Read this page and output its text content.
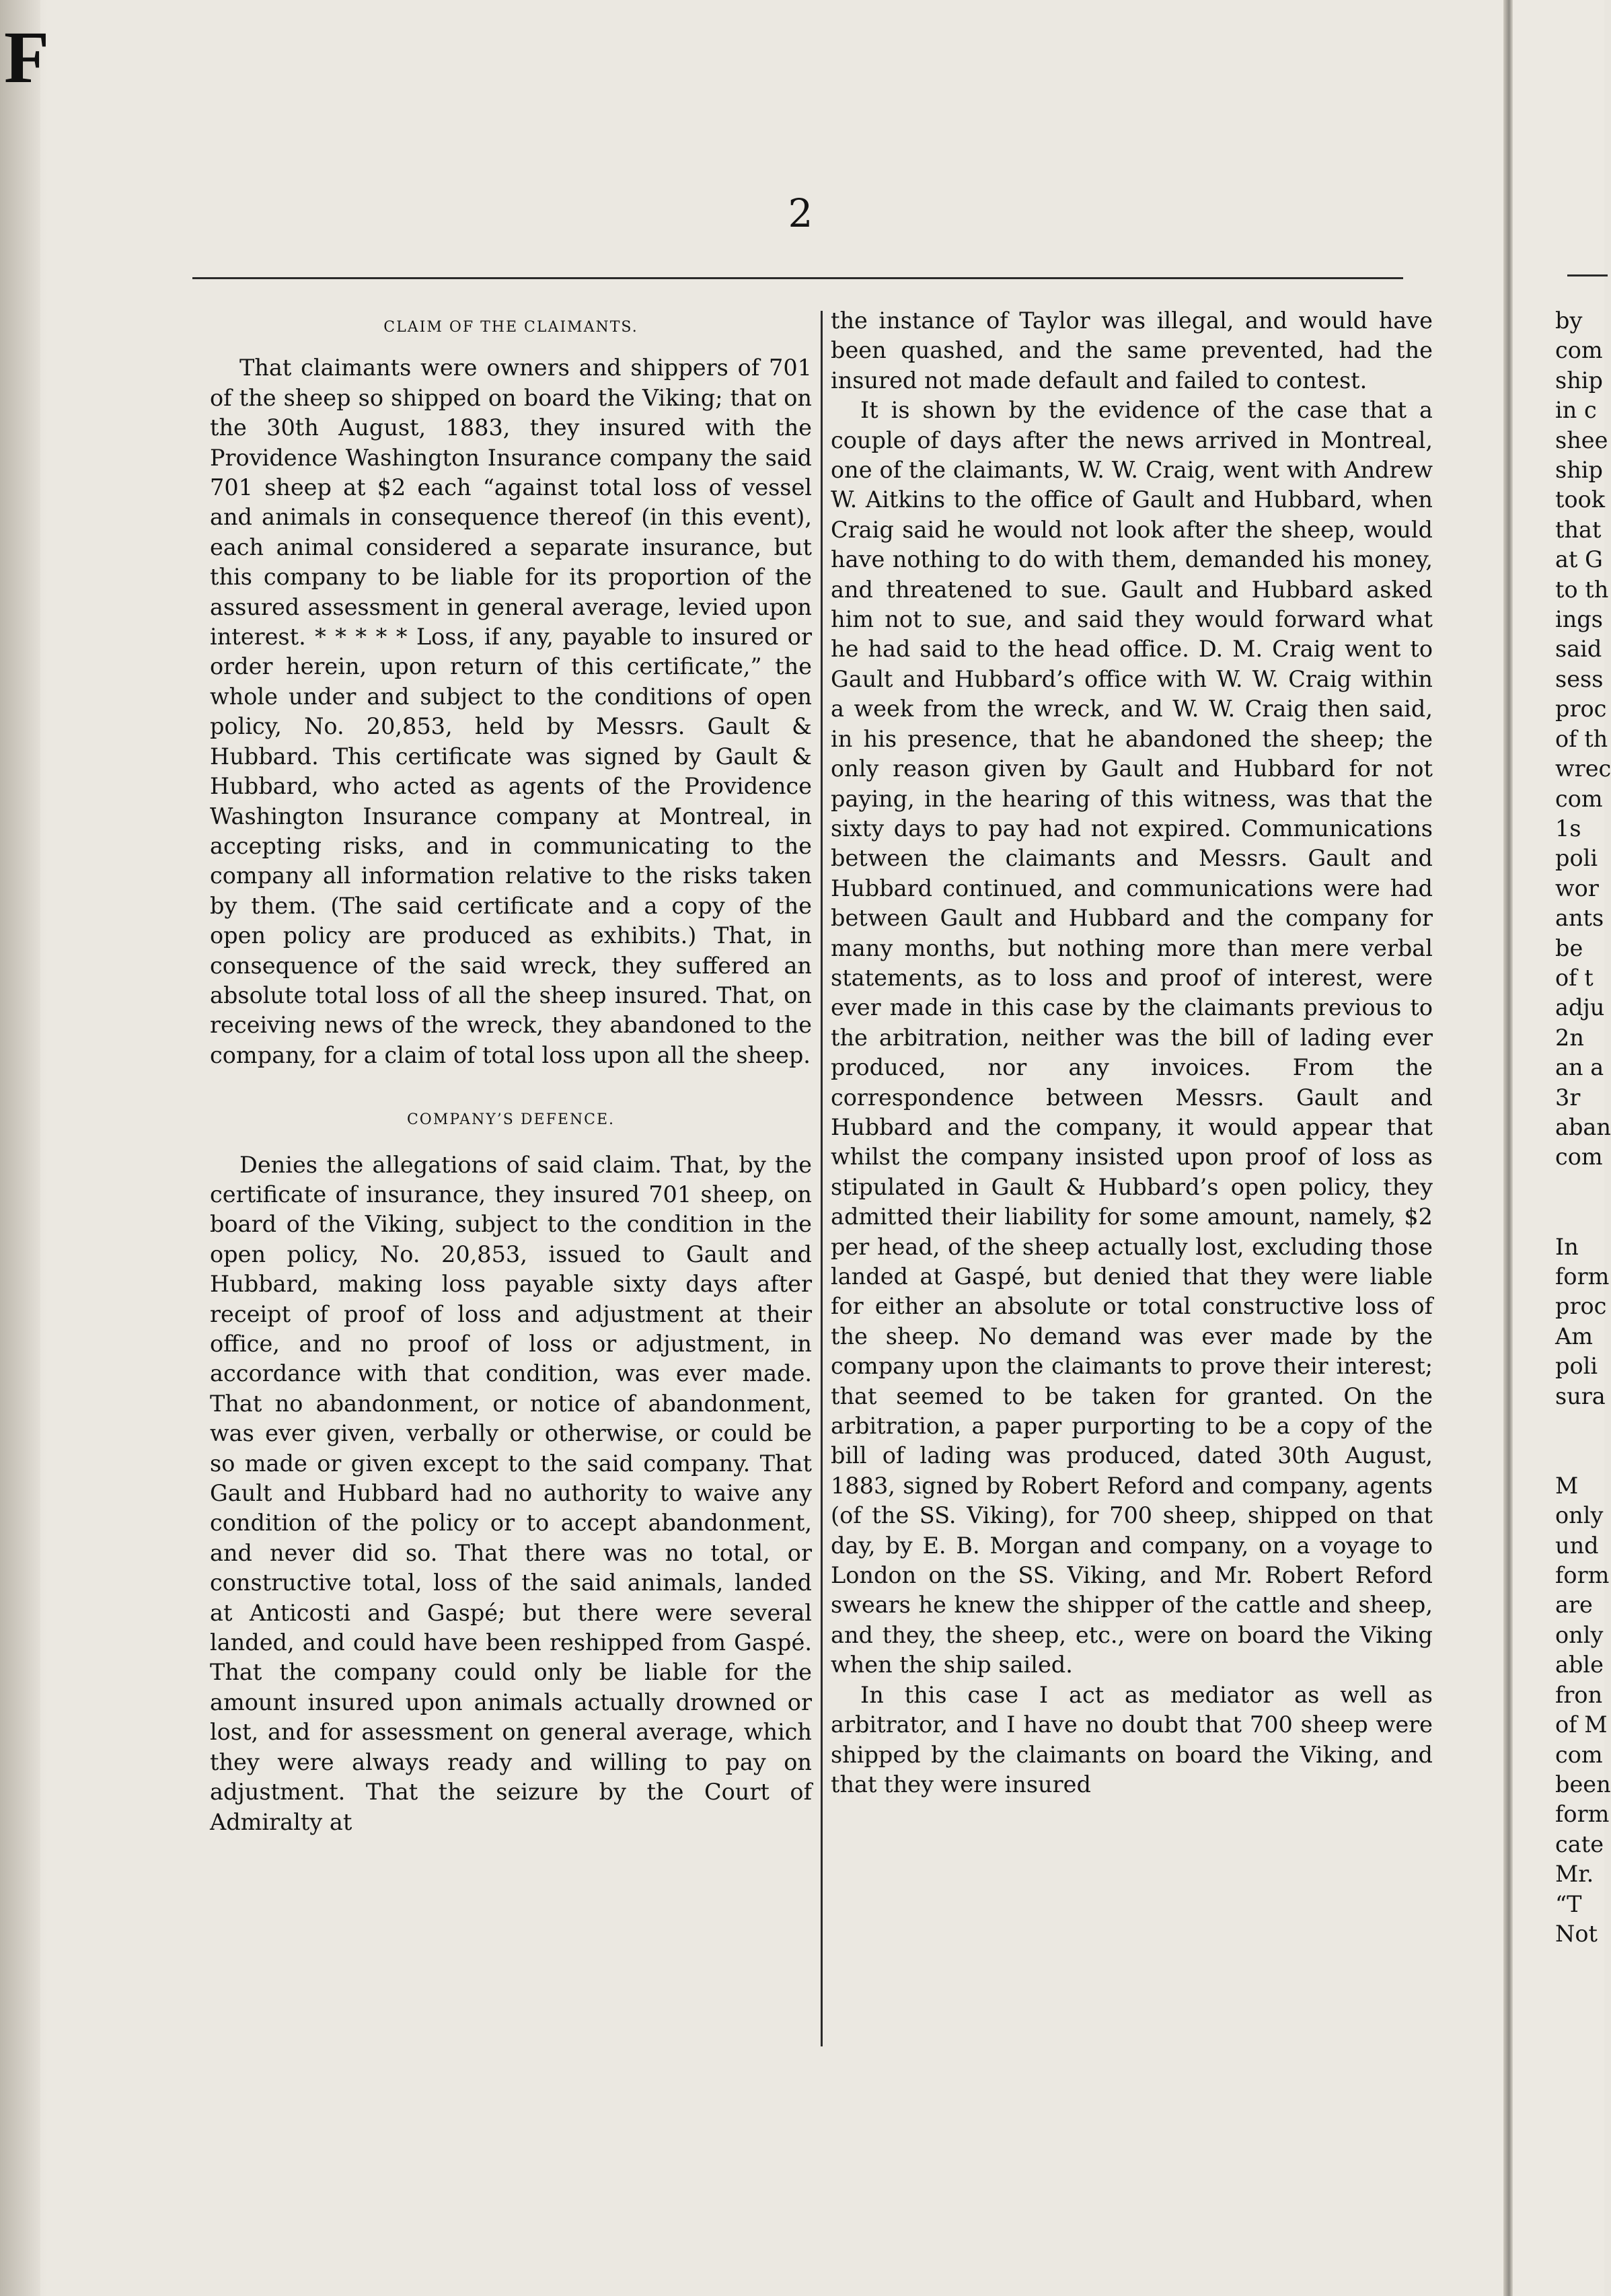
F
2
CLAIM OF THE CLAIMANTS.

That claimants were owners and shippers of 701 of the sheep so shipped on board the Viking; that on the 30th August, 1883, they insured with the Providence Washington Insurance company the said 701 sheep at $2 each “against total loss of vessel and animals in consequence thereof (in this event), each animal considered a separate insurance, but this company to be liable for its proportion of the assured assessment in general average, levied upon interest. * * * * * Loss, if any, payable to insured or order herein, upon return of this certificate,” the whole under and subject to the conditions of open policy, No. 20,853, held by Messrs. Gault & Hubbard. This certificate was signed by Gault & Hubbard, who acted as agents of the Providence Washington Insurance company at Montreal, in accepting risks, and in communicating to the company all information relative to the risks taken by them. (The said certificate and a copy of the open policy are produced as exhibits.) That, in consequence of the said wreck, they suffered an absolute total loss of all the sheep insured. That, on receiving news of the wreck, they abandoned to the company, for a claim of total loss upon all the sheep.

COMPANY’S DEFENCE.

Denies the allegations of said claim. That, by the certificate of insurance, they insured 701 sheep, on board of the Viking, subject to the condition in the open policy, No. 20,853, issued to Gault and Hubbard, making loss payable sixty days after receipt of proof of loss and adjustment at their office, and no proof of loss or adjustment, in accordance with that condition, was ever made. That no abandonment, or notice of abandonment, was ever given, verbally or otherwise, or could be so made or given except to the said company. That Gault and Hubbard had no authority to waive any condition of the policy or to accept abandonment, and never did so. That there was no total, or constructive total, loss of the said animals, landed at Anticosti and Gaspé; but there were several landed, and could have been reshipped from Gaspé. That the company could only be liable for the amount insured upon animals actually drowned or lost, and for assessment on general average, which they were always ready and willing to pay on adjustment. That the seizure by the Court of Admiralty at

the instance of Taylor was illegal, and would have been quashed, and the same prevented, had the insured not made default and failed to contest.

It is shown by the evidence of the case that a couple of days after the news arrived in Montreal, one of the claimants, W. W. Craig, went with Andrew W. Aitkins to the office of Gault and Hubbard, when Craig said he would not look after the sheep, would have nothing to do with them, demanded his money, and threatened to sue. Gault and Hubbard asked him not to sue, and said they would forward what he had said to the head office. D. M. Craig went to Gault and Hubbard’s office with W. W. Craig within a week from the wreck, and W. W. Craig then said, in his presence, that he abandoned the sheep; the only reason given by Gault and Hubbard for not paying, in the hearing of this witness, was that the sixty days to pay had not expired. Communications between the claimants and Messrs. Gault and Hubbard continued, and communications were had between Gault and Hubbard and the company for many months, but nothing more than mere verbal statements, as to loss and proof of interest, were ever made in this case by the claimants previous to the arbitration, neither was the bill of lading ever produced, nor any invoices. From the correspondence between Messrs. Gault and Hubbard and the company, it would appear that whilst the company insisted upon proof of loss as stipulated in Gault & Hubbard’s open policy, they admitted their liability for some amount, namely, $2 per head, of the sheep actually lost, excluding those landed at Gaspé, but denied that they were liable for either an absolute or total constructive loss of the sheep. No demand was ever made by the company upon the claimants to prove their interest; that seemed to be taken for granted. On the arbitration, a paper purporting to be a copy of the bill of lading was produced, dated 30th August, 1883, signed by Robert Reford and company, agents (of the SS. Viking), for 700 sheep, shipped on that day, by E. B. Morgan and company, on a voyage to London on the SS. Viking, and Mr. Robert Reford swears he knew the shipper of the cattle and sheep, and they, the sheep, etc., were on board the Viking when the ship sailed.

In this case I act as mediator as well as arbitrator, and I have no doubt that 700 sheep were shipped by the claimants on board the Viking, and that they were insured

by
com
ship
in c
shee
ship
took
that
at G
to th
ings
said
sess
proc
of th
wrec
com
1s
poli
wor
ants
be
of t
adju
2n
an a
3r
aban
com

In
form
proc
Am
poli
sura

M
only
und
form
are
only
able
fron
of M
com
been
form
cate
Mr.
“T
Not
